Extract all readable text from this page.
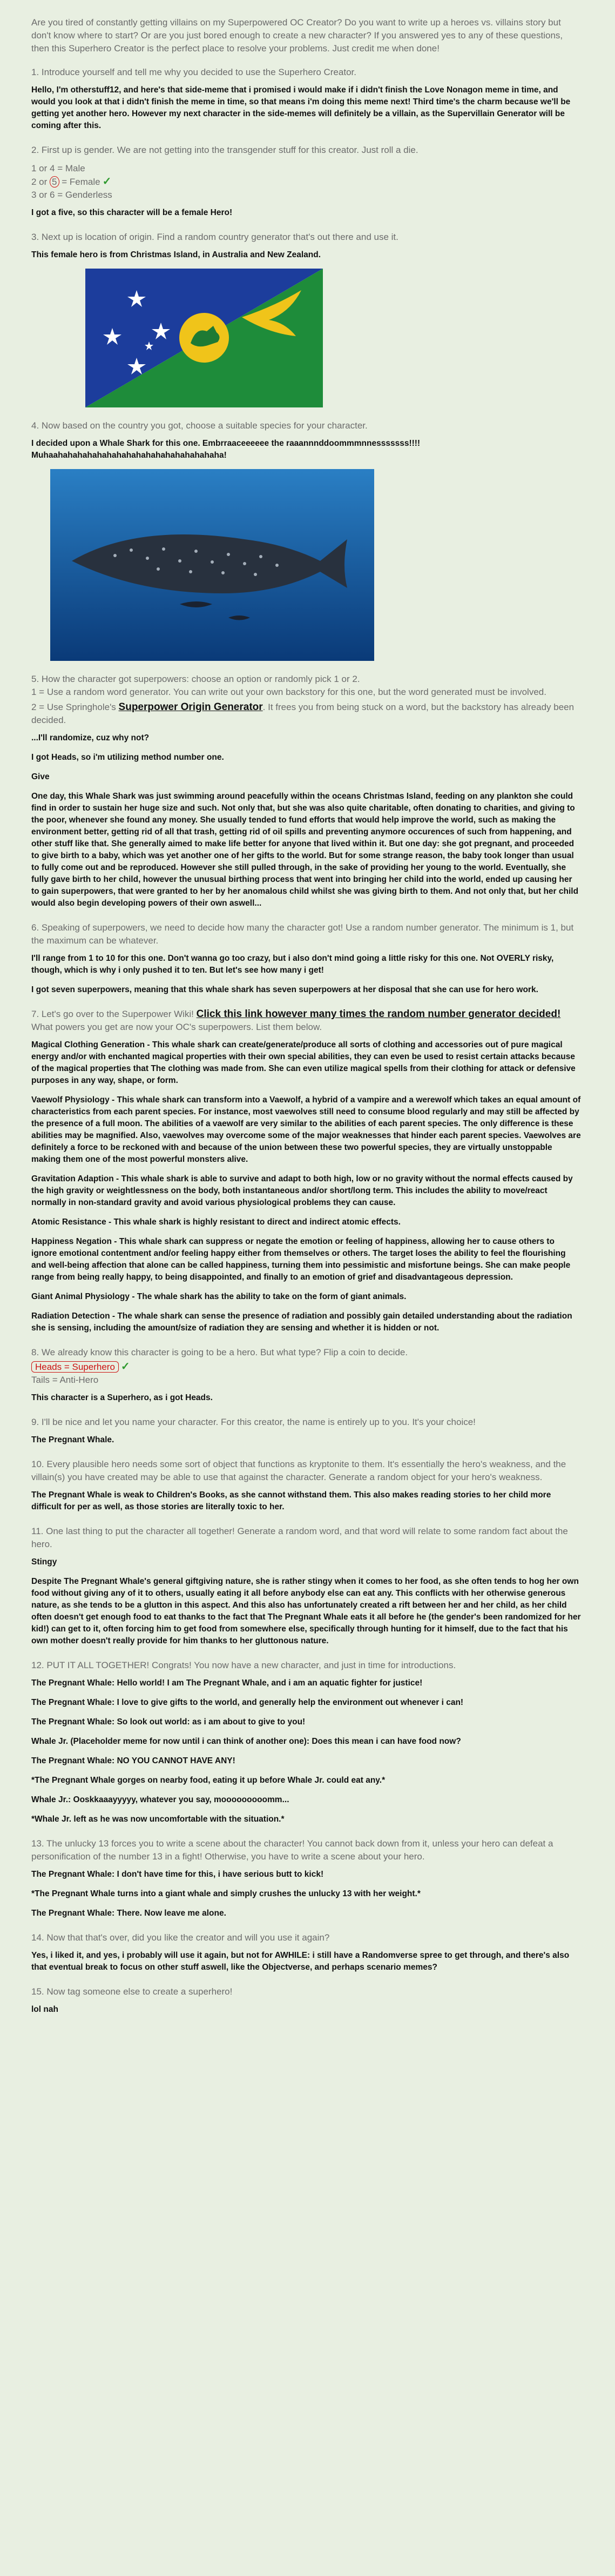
Are you tired of constantly getting villains on my Superpowered OC Creator? Do you want to write up a heroes vs. villains story but don't know where to start? Or are you just bored enough to create a new character? If you answered yes to any of these questions, then this Superhero Creator is the perfect place to resolve your problems. Just credit me when done!

1. Introduce yourself and tell me why you decided to use the Superhero Creator.

Hello, I'm otherstuff12, and here's that side-meme that i promised i would make if i didn't finish the Love Nonagon meme in time, and would you look at that i didn't finish the meme in time, so that means i'm doing this meme next! Third time's the charm because we'll be getting yet another hero. However my next character in the side-memes will definitely be a villain, as the Supervillain Generator will be coming after this.

2. First up is gender. We are not getting into the transgender stuff for this creator. Just roll a die.

1 or 4 = Male
2 or 5 = Female ✓
3 or 6 = Genderless

I got a five, so this character will be a female Hero!

3. Next up is location of origin. Find a random country generator that's out there and use it.

This female hero is from Christmas Island, in Australia and New Zealand.

4. Now based on the country you got, choose a suitable species for your character.

I decided upon a Whale Shark for this one. Embrraaceeeeee the raaannnddoommmnnesssssss!!!! Muhaahahahahahahahahahahahahahahahahaha!

5. How the character got superpowers: choose an option or randomly pick 1 or 2.

1 = Use a random word generator. You can write out your own backstory for this one, but the word generated must be involved.

2 = Use Springhole's Superpower Origin Generator. It frees you from being stuck on a word, but the backstory has already been decided.

...I'll randomize, cuz why not?

I got Heads, so i'm utilizing method number one.

Give

One day, this Whale Shark was just swimming around peacefully within the oceans Christmas Island, feeding on any plankton she could find in order to sustain her huge size and such. Not only that, but she was also quite charitable, often donating to charities, and giving to the poor, whenever she found any money. She usually tended to fund efforts that would help improve the world, such as making the environment better, getting rid of all that trash, getting rid of oil spills and preventing anymore occurences of such from happening, and other stuff like that. She generally aimed to make life better for anyone that lived within it. But one day: she got pregnant, and proceeded to give birth to a baby, which was yet another one of her gifts to the world. But for some strange reason, the baby took longer than usual to fully come out and be reproduced. However she still pulled through, in the sake of providing her young to the world. Eventually, she fully gave birth to her child, however the unusual birthing process that went into bringing her child into the world, ended up causing her to gain superpowers, that were granted to her by her anomalous child whilst she was giving birth to them. And not only that, but her child would also begin developing powers of their own aswell...

6. Speaking of superpowers, we need to decide how many the character got! Use a random number generator. The minimum is 1, but the maximum can be whatever.

I'll range from 1 to 10 for this one. Don't wanna go too crazy, but i also don't mind going a little risky for this one. Not OVERLY risky, though, which is why i only pushed it to ten. But let's see how many i get!

I got seven superpowers, meaning that this whale shark has seven superpowers at her disposal that she can use for hero work.

7. Let's go over to the Superpower Wiki! Click this link however many times the random number generator decided! What powers you get are now your OC's superpowers. List them below.

Magical Clothing Generation - This whale shark can create/generate/produce all sorts of clothing and accessories out of pure magical energy and/or with enchanted magical properties with their own special abilities, they can even be used to resist certain attacks because of the magical properties that The clothing was made from. She can even utilize magical spells from their clothing for attack or defensive purposes in any way, shape, or form.

Vaewolf Physiology - This whale shark can transform into a Vaewolf, a hybrid of a vampire and a werewolf which takes an equal amount of characteristics from each parent species. For instance, most vaewolves still need to consume blood regularly and may still be affected by the presence of a full moon. The abilities of a vaewolf are very similar to the abilities of each parent species. The only difference is these abilities may be magnified. Also, vaewolves may overcome some of the major weaknesses that hinder each parent species. Vaewolves are definitely a force to be reckoned with and because of the union between these two powerful species, they are virtually unstoppable making them one of the most powerful monsters alive.

Gravitation Adaption - This whale shark is able to survive and adapt to both high, low or no gravity without the normal effects caused by the high gravity or weightlessness on the body, both instantaneous and/or short/long term. This includes the ability to move/react normally in non-standard gravity and avoid various physiological problems they can cause.

Atomic Resistance - This whale shark is highly resistant to direct and indirect atomic effects.

Happiness Negation - This whale shark can suppress or negate the emotion or feeling of happiness, allowing her to cause others to ignore emotional contentment and/or feeling happy either from themselves or others. The target loses the ability to feel the flourishing and well-being affection that alone can be called happiness, turning them into pessimistic and misfortune beings. She can make people range from being really happy, to being disappointed, and finally to an emotion of grief and disadvantageous depression.

Giant Animal Physiology - The whale shark has the ability to take on the form of giant animals.

Radiation Detection - The whale shark can sense the presence of radiation and possibly gain detailed understanding about the radiation she is sensing, including the amount/size of radiation they are sensing and whether it is hidden or not.

8. We already know this character is going to be a hero. But what type? Flip a coin to decide.

Heads = Superhero ✓
Tails = Anti-Hero

This character is a Superhero, as i got Heads.

9. I'll be nice and let you name your character. For this creator, the name is entirely up to you. It's your choice!

The Pregnant Whale.

10. Every plausible hero needs some sort of object that functions as kryptonite to them. It's essentially the hero's weakness, and the villain(s) you have created may be able to use that against the character. Generate a random object for your hero's weakness.

The Pregnant Whale is weak to Children's Books, as she cannot withstand them. This also makes reading stories to her child more difficult for per as well, as those stories are literally toxic to her.

11. One last thing to put the character all together! Generate a random word, and that word will relate to some random fact about the hero.

Stingy

Despite The Pregnant Whale's general giftgiving nature, she is rather stingy when it comes to her food, as she often tends to hog her own food without giving any of it to others, usually eating it all before anybody else can eat any. This conflicts with her otherwise generous nature, as she tends to be a glutton in this aspect. And this also has unfortunately created a rift between her and her child, as her child often doesn't get enough food to eat thanks to the fact that The Pregnant Whale eats it all before he (the gender's been randomized for her kid!) can get to it, often forcing him to get food from somewhere else, specifically through hunting for it himself, due to the fact that his own mother doesn't really provide for him thanks to her gluttonous nature.

12. PUT IT ALL TOGETHER! Congrats! You now have a new character, and just in time for introductions.

The Pregnant Whale: Hello world! I am The Pregnant Whale, and i am an aquatic fighter for justice!

The Pregnant Whale: I love to give gifts to the world, and generally help the environment out whenever i can!

The Pregnant Whale: So look out world: as i am about to give to you!

Whale Jr. (Placeholder meme for now until i can think of another one): Does this mean i can have food now?

The Pregnant Whale: NO YOU CANNOT HAVE ANY!

*The Pregnant Whale gorges on nearby food, eating it up before Whale Jr. could eat any.*

Whale Jr.: Ooskkaaayyyyy, whatever you say, mooooooooomm...

*Whale Jr. left as he was now uncomfortable with the situation.*

13. The unlucky 13 forces you to write a scene about the character! You cannot back down from it, unless your hero can defeat a personification of the number 13 in a fight! Otherwise, you have to write a scene about your hero.

The Pregnant Whale: I don't have time for this, i have serious butt to kick!

*The Pregnant Whale turns into a giant whale and simply crushes the unlucky 13 with her weight.*

The Pregnant Whale: There. Now leave me alone.

14. Now that that's over, did you like the creator and will you use it again?

Yes, i liked it, and yes, i probably will use it again, but not for AWHILE: i still have a Randomverse spree to get through, and there's also that eventual break to focus on other stuff aswell, like the Objectverse, and perhaps scenario memes?

15. Now tag someone else to create a superhero!

lol nah
